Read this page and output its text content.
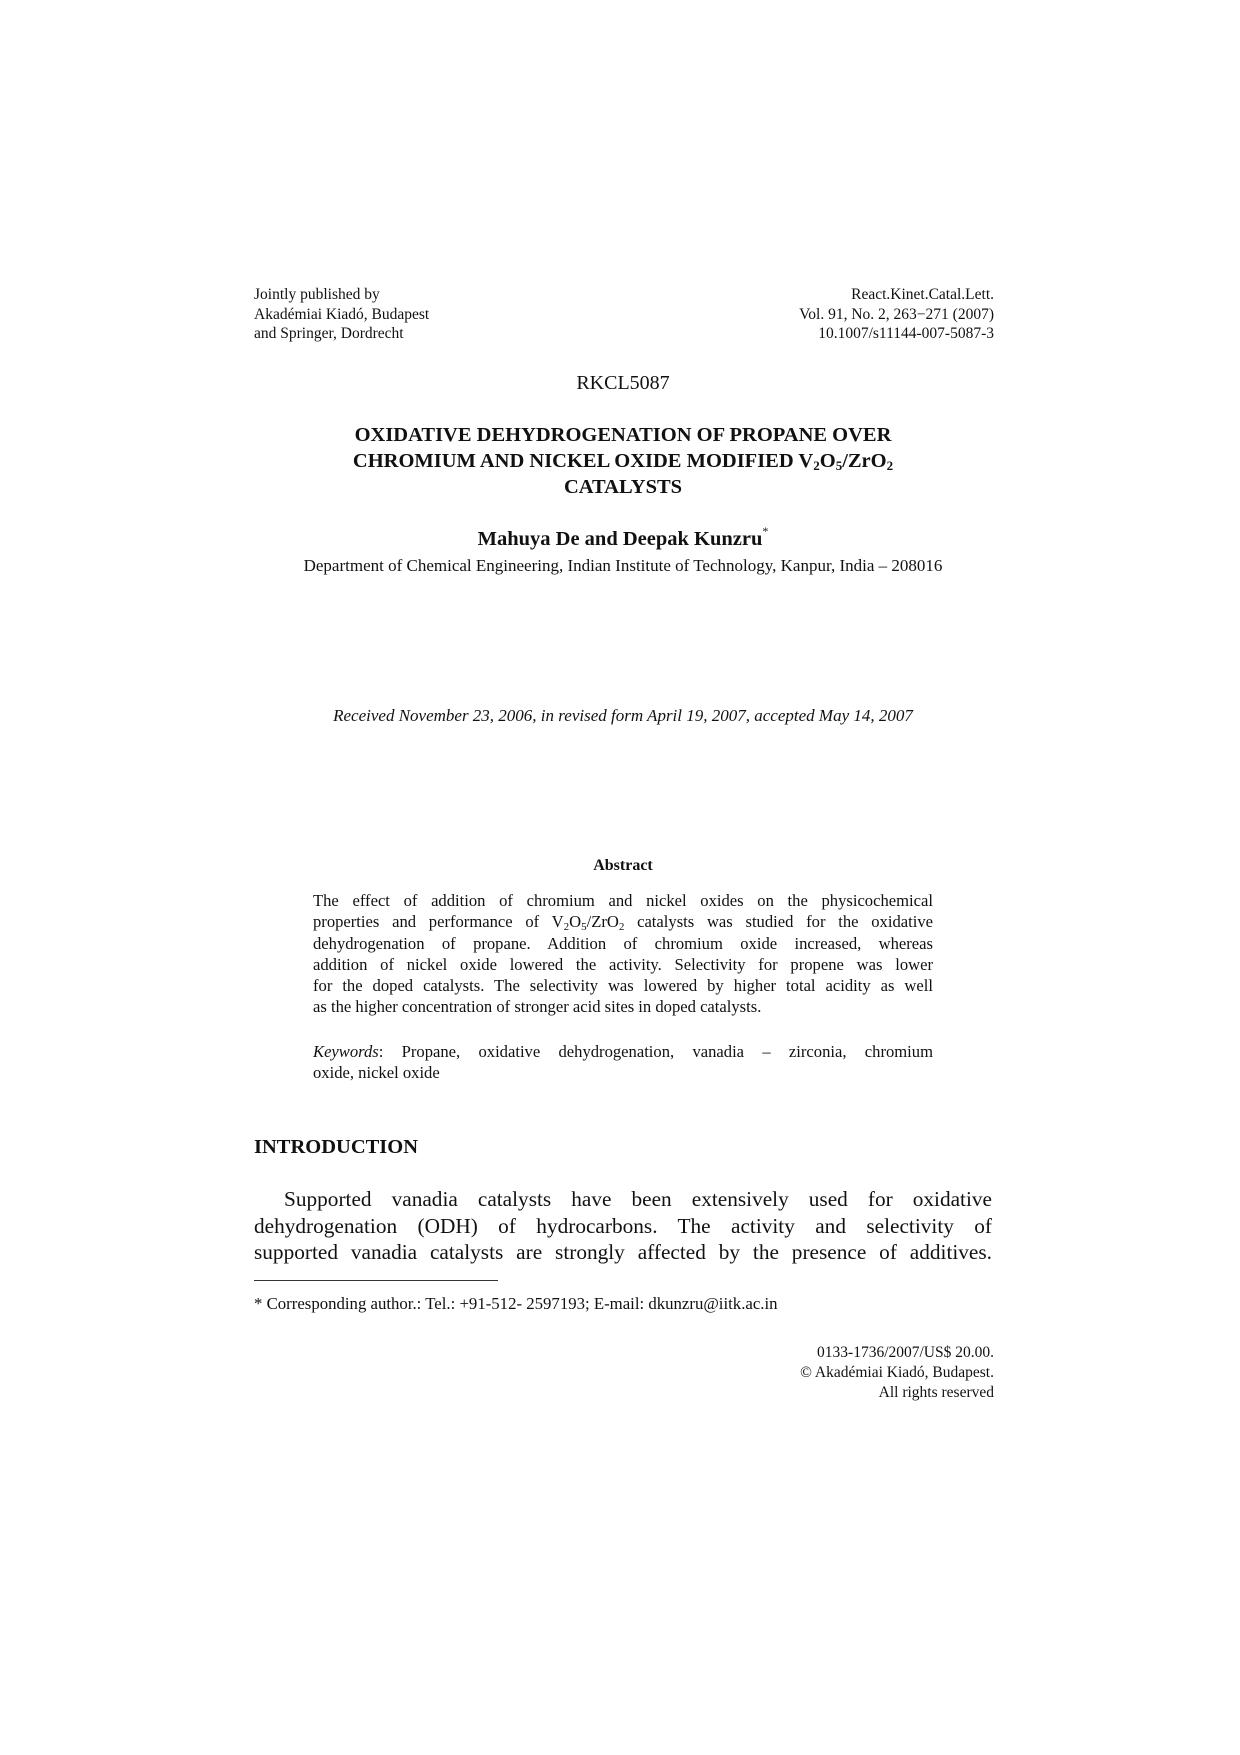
Jointly published by
Akadémiai Kiadó, Budapest
and Springer, Dordrecht
React.Kinet.Catal.Lett.
Vol. 91, No. 2, 263−271 (2007)
10.1007/s11144-007-5087-3
RKCL5087
OXIDATIVE DEHYDROGENATION OF PROPANE OVER
CHROMIUM AND NICKEL OXIDE MODIFIED $V_2O_5/ZrO_2$
CATALYSTS
Mahuya De and Deepak Kunzru*
Department of Chemical Engineering, Indian Institute of Technology, Kanpur, India – 208016
Received November 23, 2006, in revised form April 19, 2007, accepted May 14, 2007
Abstract
The effect of addition of chromium and nickel oxides on the physicochemical
properties and performance of $V_2O_5/ZrO_2$ catalysts was studied for the oxidative
dehydrogenation of propane. Addition of chromium oxide increased, whereas
addition of nickel oxide lowered the activity. Selectivity for propene was lower
for the doped catalysts. The selectivity was lowered by higher total acidity as well
as the higher concentration of stronger acid sites in doped catalysts.
Keywords: Propane, oxidative dehydrogenation, vanadia – zirconia, chromium
oxide, nickel oxide
INTRODUCTION
Supported vanadia catalysts have been extensively used for oxidative
dehydrogenation (ODH) of hydrocarbons. The activity and selectivity of
supported vanadia catalysts are strongly affected by the presence of additives.
* Corresponding author.: Tel.: +91-512- 2597193; E-mail: dkunzru@iitk.ac.in
0133-1736/2007/US$ 20.00.
© Akadémiai Kiadó, Budapest.
All rights reserved
